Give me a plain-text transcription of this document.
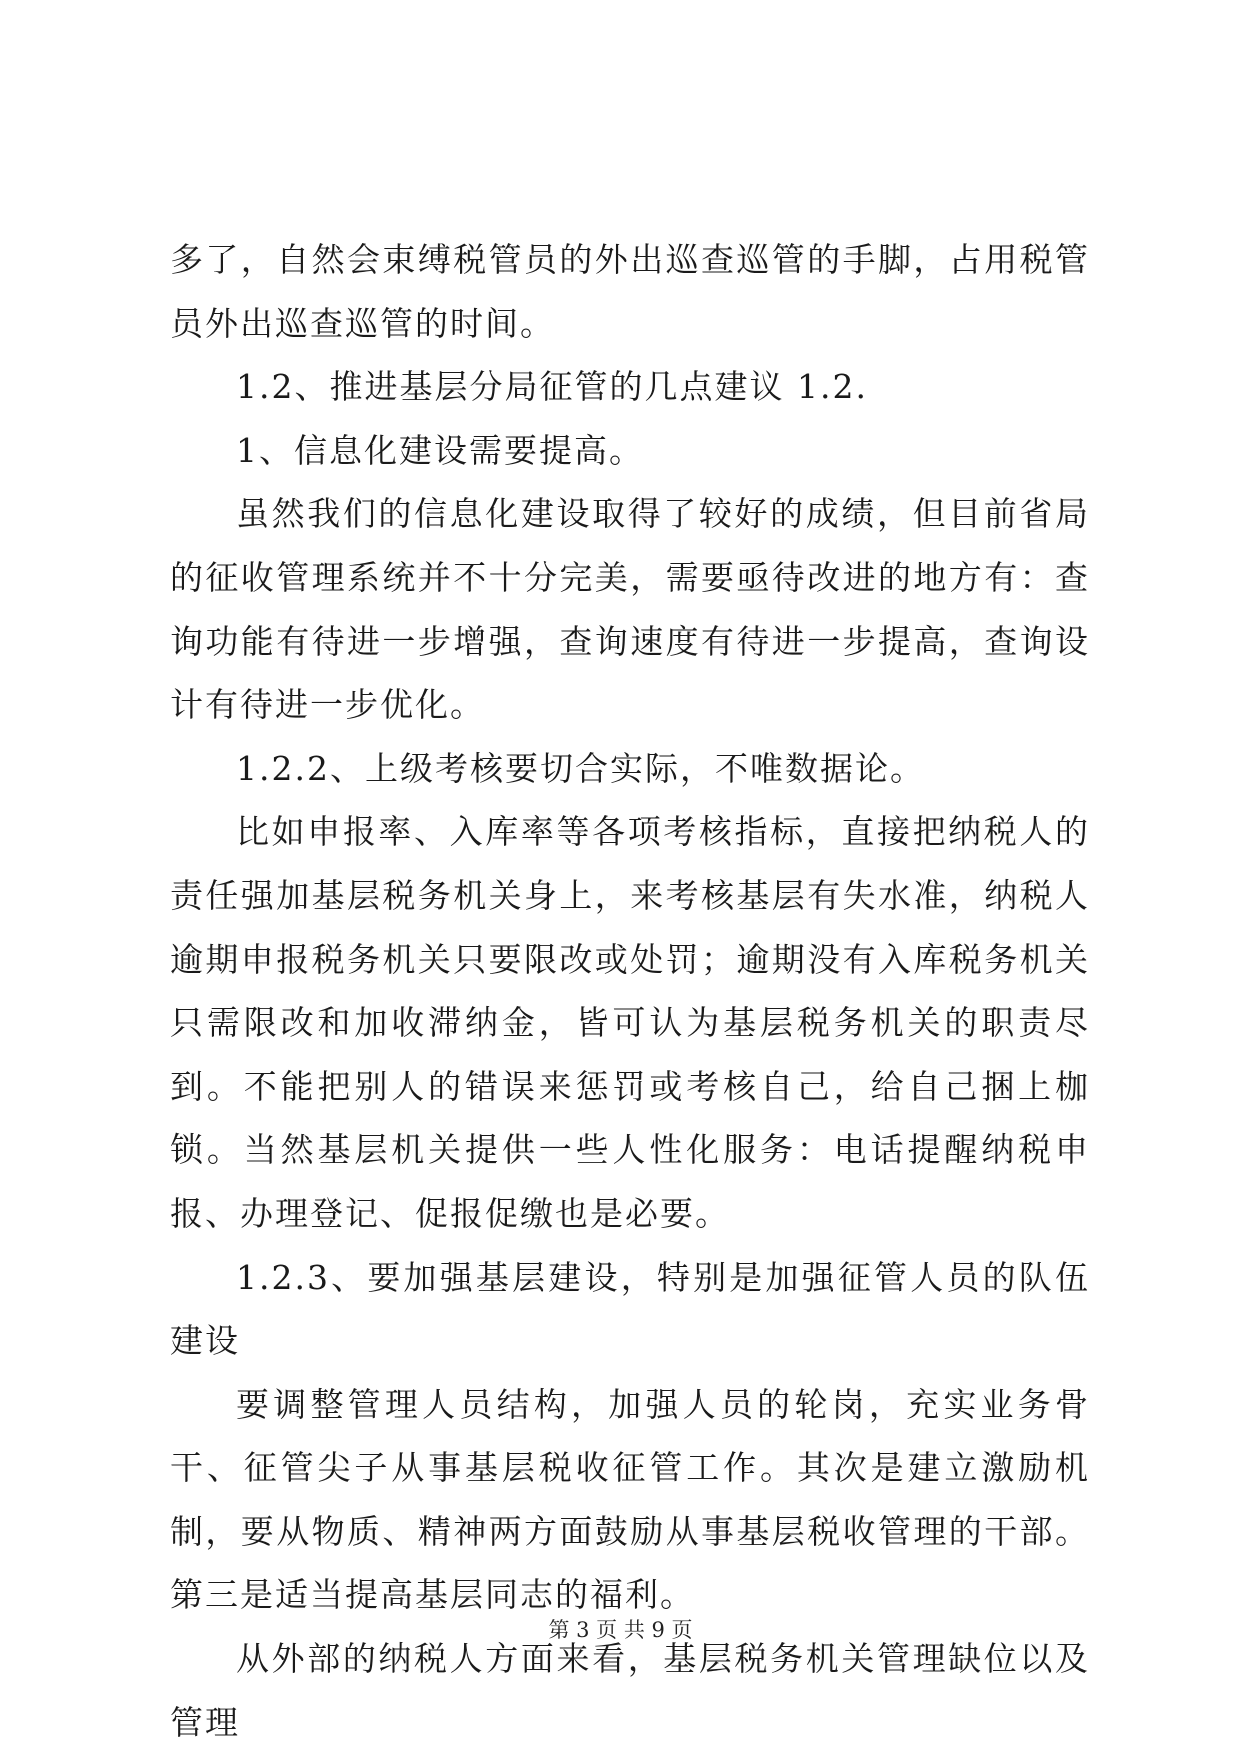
多了，自然会束缚税管员的外出巡查巡管的手脚，占用税管员外出巡查巡管的时间。

1.2、推进基层分局征管的几点建议 1.2.

1、信息化建设需要提高。

虽然我们的信息化建设取得了较好的成绩，但目前省局的征收管理系统并不十分完美，需要亟待改进的地方有：查询功能有待进一步增强，查询速度有待进一步提高，查询设计有待进一步优化。

1.2.2、上级考核要切合实际，不唯数据论。

比如申报率、入库率等各项考核指标，直接把纳税人的责任强加基层税务机关身上，来考核基层有失水准，纳税人逾期申报税务机关只要限改或处罚；逾期没有入库税务机关只需限改和加收滞纳金，皆可认为基层税务机关的职责尽到。不能把别人的错误来惩罚或考核自己，给自己捆上枷锁。当然基层机关提供一些人性化服务：电话提醒纳税申报、办理登记、促报促缴也是必要。

1.2.3、要加强基层建设，特别是加强征管人员的队伍建设

要调整管理人员结构，加强人员的轮岗，充实业务骨干、征管尖子从事基层税收征管工作。其次是建立激励机制，要从物质、精神两方面鼓励从事基层税收管理的干部。第三是适当提高基层同志的福利。

从外部的纳税人方面来看，基层税务机关管理缺位以及管理

第 3 页 共 9 页
